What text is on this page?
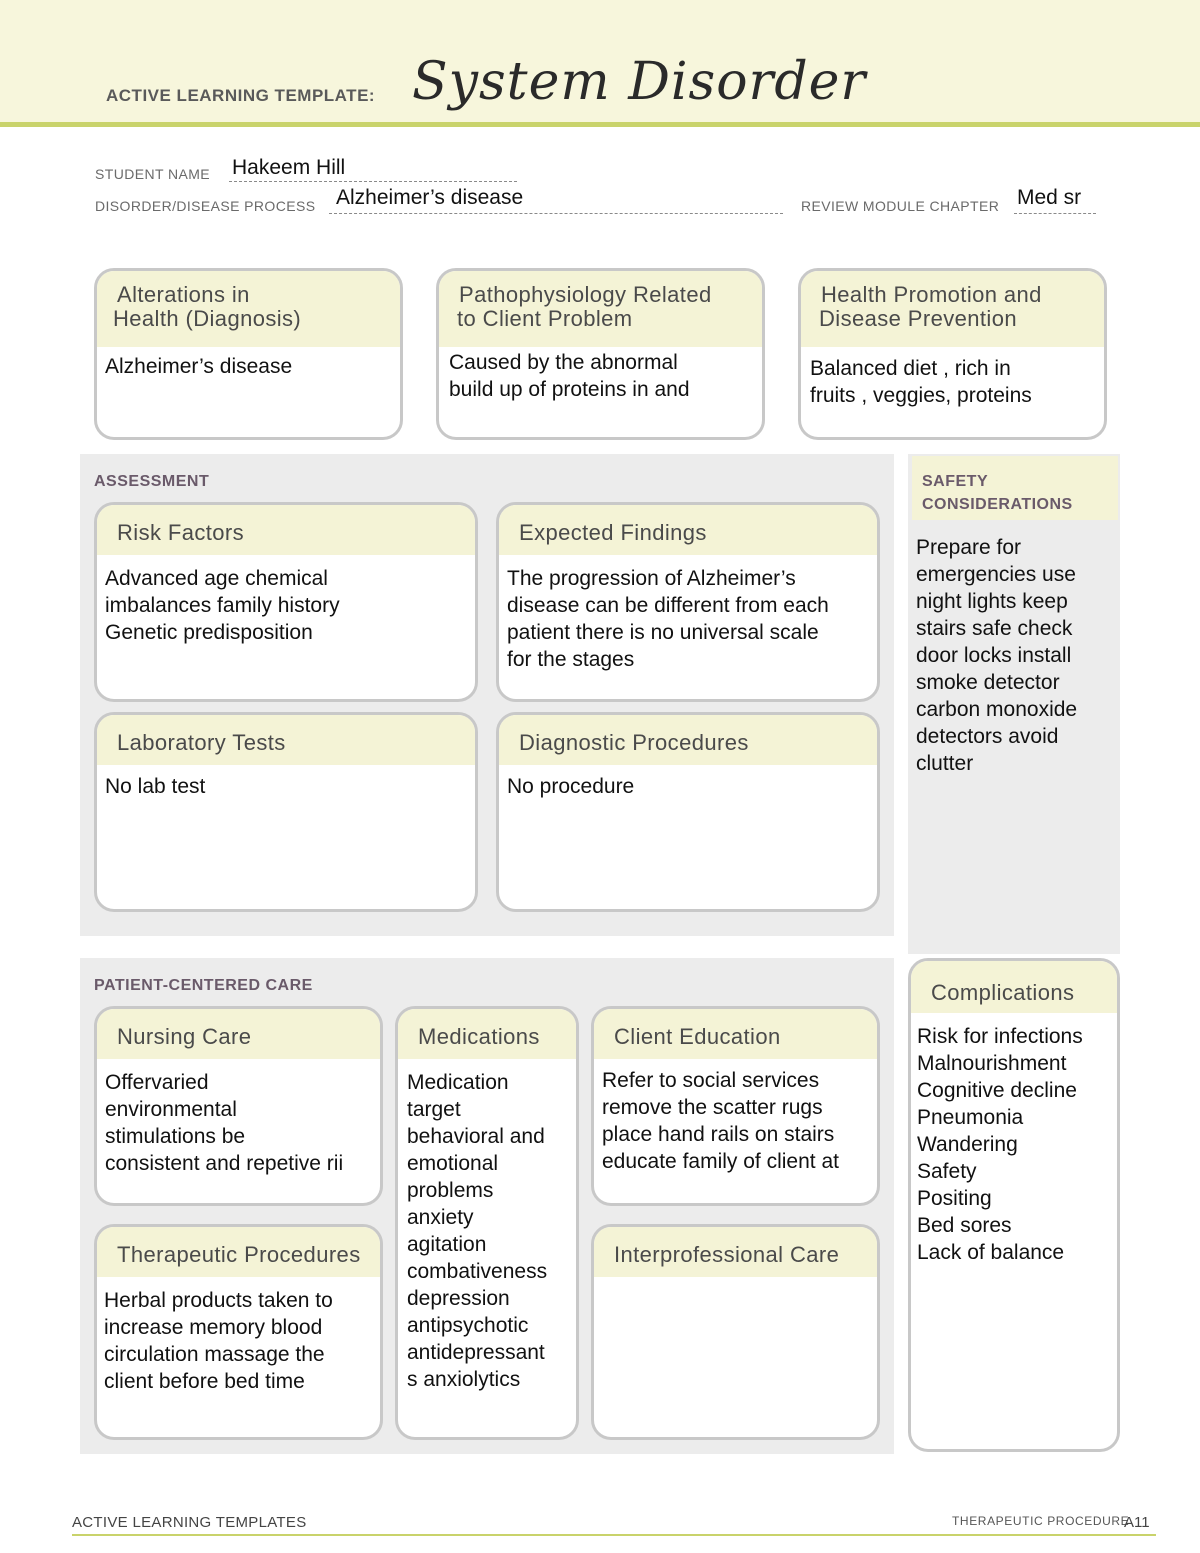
ACTIVE LEARNING TEMPLATE: System Disorder
STUDENT NAME Hakeem Hill
DISORDER/DISEASE PROCESS Alzheimer’s disease	REVIEW MODULE CHAPTER Med sr
Alterations in
Health (Diagnosis)
Alzheimer’s disease
Pathophysiology Related
to Client Problem
Caused by the abnormal
build up of proteins in and
Health Promotion and
Disease Prevention
Balanced diet , rich in
fruits , veggies, proteins
ASSESSMENT
Risk Factors
Advanced age chemical
imbalances family history
Genetic predisposition
Expected Findings
The progression of Alzheimer’s
disease can be different from each
patient there is no universal scale
for the stages
Laboratory Tests
No lab test
Diagnostic Procedures
No procedure
SAFETY
CONSIDERATIONS
Prepare for
emergencies use
night lights keep
stairs safe check
door locks install
smoke detector
carbon monoxide
detectors avoid
clutter
PATIENT-CENTERED CARE
Nursing Care
Offervaried
environmental
stimulations be
consistent and repetive rii
Medications
Medication
target
behavioral and
emotional
problems
anxiety
agitation
combativeness
depression
antipsychotic
antidepressant
s anxiolytics
Client Education
Refer to social services
remove the scatter rugs
place hand rails on stairs
educate family of client at
Therapeutic Procedures
Herbal products taken to
increase memory blood
circulation massage the
client before bed time
Interprofessional Care
Complications
Risk for infections
Malnourishment
Cognitive decline
Pneumonia
Wandering
Safety
Positing
Bed sores
Lack of balance
ACTIVE LEARNING TEMPLATES	THERAPEUTIC PROCEDURE
A11
